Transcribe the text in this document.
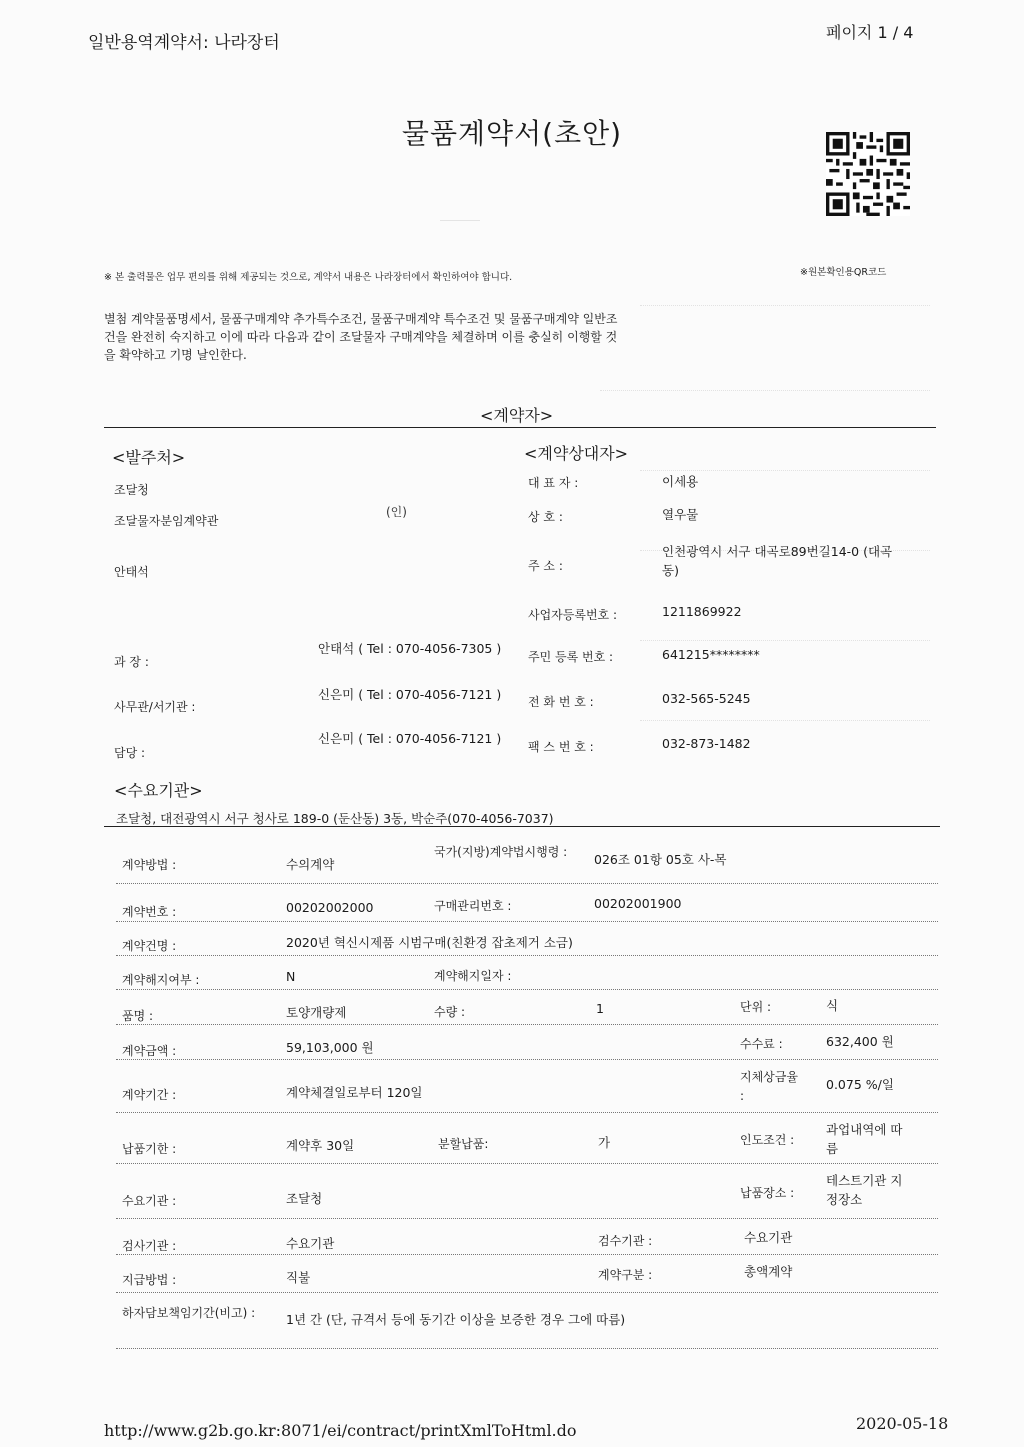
일반용역계약서: 나라장터
페이지 1 / 4
물품계약서(초안)
※ 본 출력물은 업무 편의를 위해 제공되는 것으로, 계약서 내용은 나라장터에서 확인하여야 합니다.	※원본확인용QR코드
별첨 계약물품명세서, 물품구매계약 추가특수조건, 물품구매계약 특수조건 및 물품구매계약 일반조건을 완전히 숙지하고 이에 따라 다음과 같이 조달물자 구매계약을 체결하며 이를 충실히 이행할 것을 확약하고 기명 날인한다.
<계약자>
<발주처>
조달청
조달물자분임계약관
(인)
안태석
과 장 :
안태석 ( Tel : 070-4056-7305 )
사무관/서기관 :
신은미 ( Tel : 070-4056-7121 )
담당 :
신은미 ( Tel : 070-4056-7121 )
<계약상대자>
대 표 자 :	이세용
상 호 :	열우물
주 소 :
인천광역시 서구 대곡로89번길14-0 (대곡동)
사업자등록번호 :	1211869922
주민 등록 번호 :	641215********
전 화 번 호 :	032-565-5245
팩 스 번 호 :	032-873-1482
<수요기관>
조달청, 대전광역시 서구 청사로 189-0 (둔산동) 3동, 박순주(070-4056-7037)
계약방법 :	수의계약
국가(지방)계약법시행령 :	026조 01항 05호 사-목
계약번호 :	00202002000	구매관리번호 :	00202001900
계약건명 :	2020년 혁신시제품 시범구매(친환경 잡초제거 소금)
계약해지여부 :	N	계약해지일자 :
품명 :	토양개량제	수량 :	1	단위 :	식
계약금액 :	59,103,000 원	수수료 :	632,400 원
계약기간 :	계약체결일로부터 120일
지체상금율 :
0.075 %/일
납품기한 :	계약후 30일	분할납품:	가	인도조건 :
과업내역에 따름
수요기관 :	조달청	납품장소 :
테스트기관 지정장소
검사기관 :	수요기관	검수기관 :	수요기관
지급방법 :	직불	계약구분 :	총액계약
하자담보책임기간(비고) :	1년 간 (단, 규격서 등에 동기간 이상을 보증한 경우 그에 따름)
http://www.g2b.go.kr:8071/ei/contract/printXmlToHtml.do	2020-05-18
